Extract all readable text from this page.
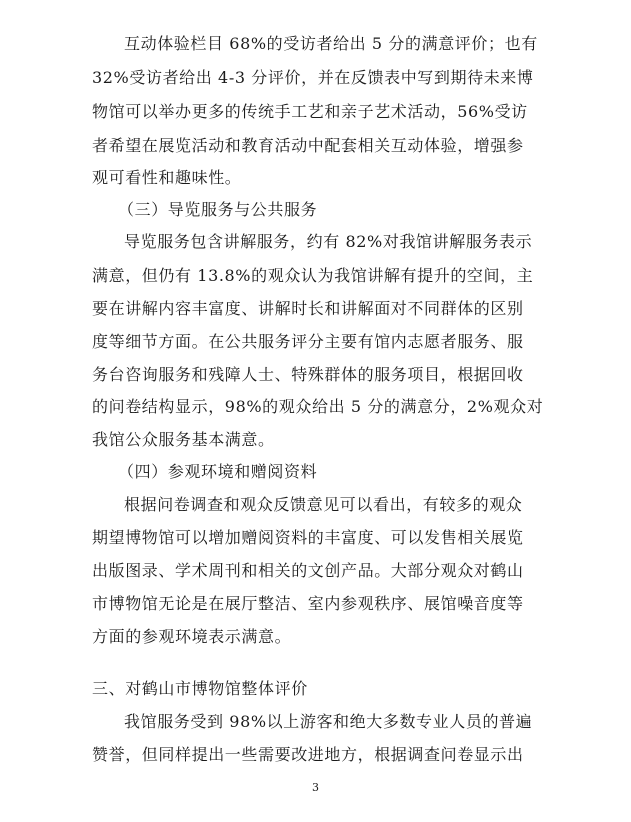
互动体验栏目 68%的受访者给出 5 分的满意评价；也有
32%受访者给出 4-3 分评价，并在反馈表中写到期待未来博
物馆可以举办更多的传统手工艺和亲子艺术活动，56%受访
者希望在展览活动和教育活动中配套相关互动体验，增强参
观可看性和趣味性。
（三）导览服务与公共服务
导览服务包含讲解服务，约有 82%对我馆讲解服务表示
满意，但仍有 13.8%的观众认为我馆讲解有提升的空间，主
要在讲解内容丰富度、讲解时长和讲解面对不同群体的区别
度等细节方面。在公共服务评分主要有馆内志愿者服务、服
务台咨询服务和残障人士、特殊群体的服务项目，根据回收
的问卷结构显示，98%的观众给出 5 分的满意分，2%观众对
我馆公众服务基本满意。
（四）参观环境和赠阅资料
根据问卷调查和观众反馈意见可以看出，有较多的观众
期望博物馆可以增加赠阅资料的丰富度、可以发售相关展览
出版图录、学术周刊和相关的文创产品。大部分观众对鹤山
市博物馆无论是在展厅整洁、室内参观秩序、展馆噪音度等
方面的参观环境表示满意。
三、对鹤山市博物馆整体评价
我馆服务受到 98%以上游客和绝大多数专业人员的普遍
赞誉，但同样提出一些需要改进地方，根据调查问卷显示出
3
